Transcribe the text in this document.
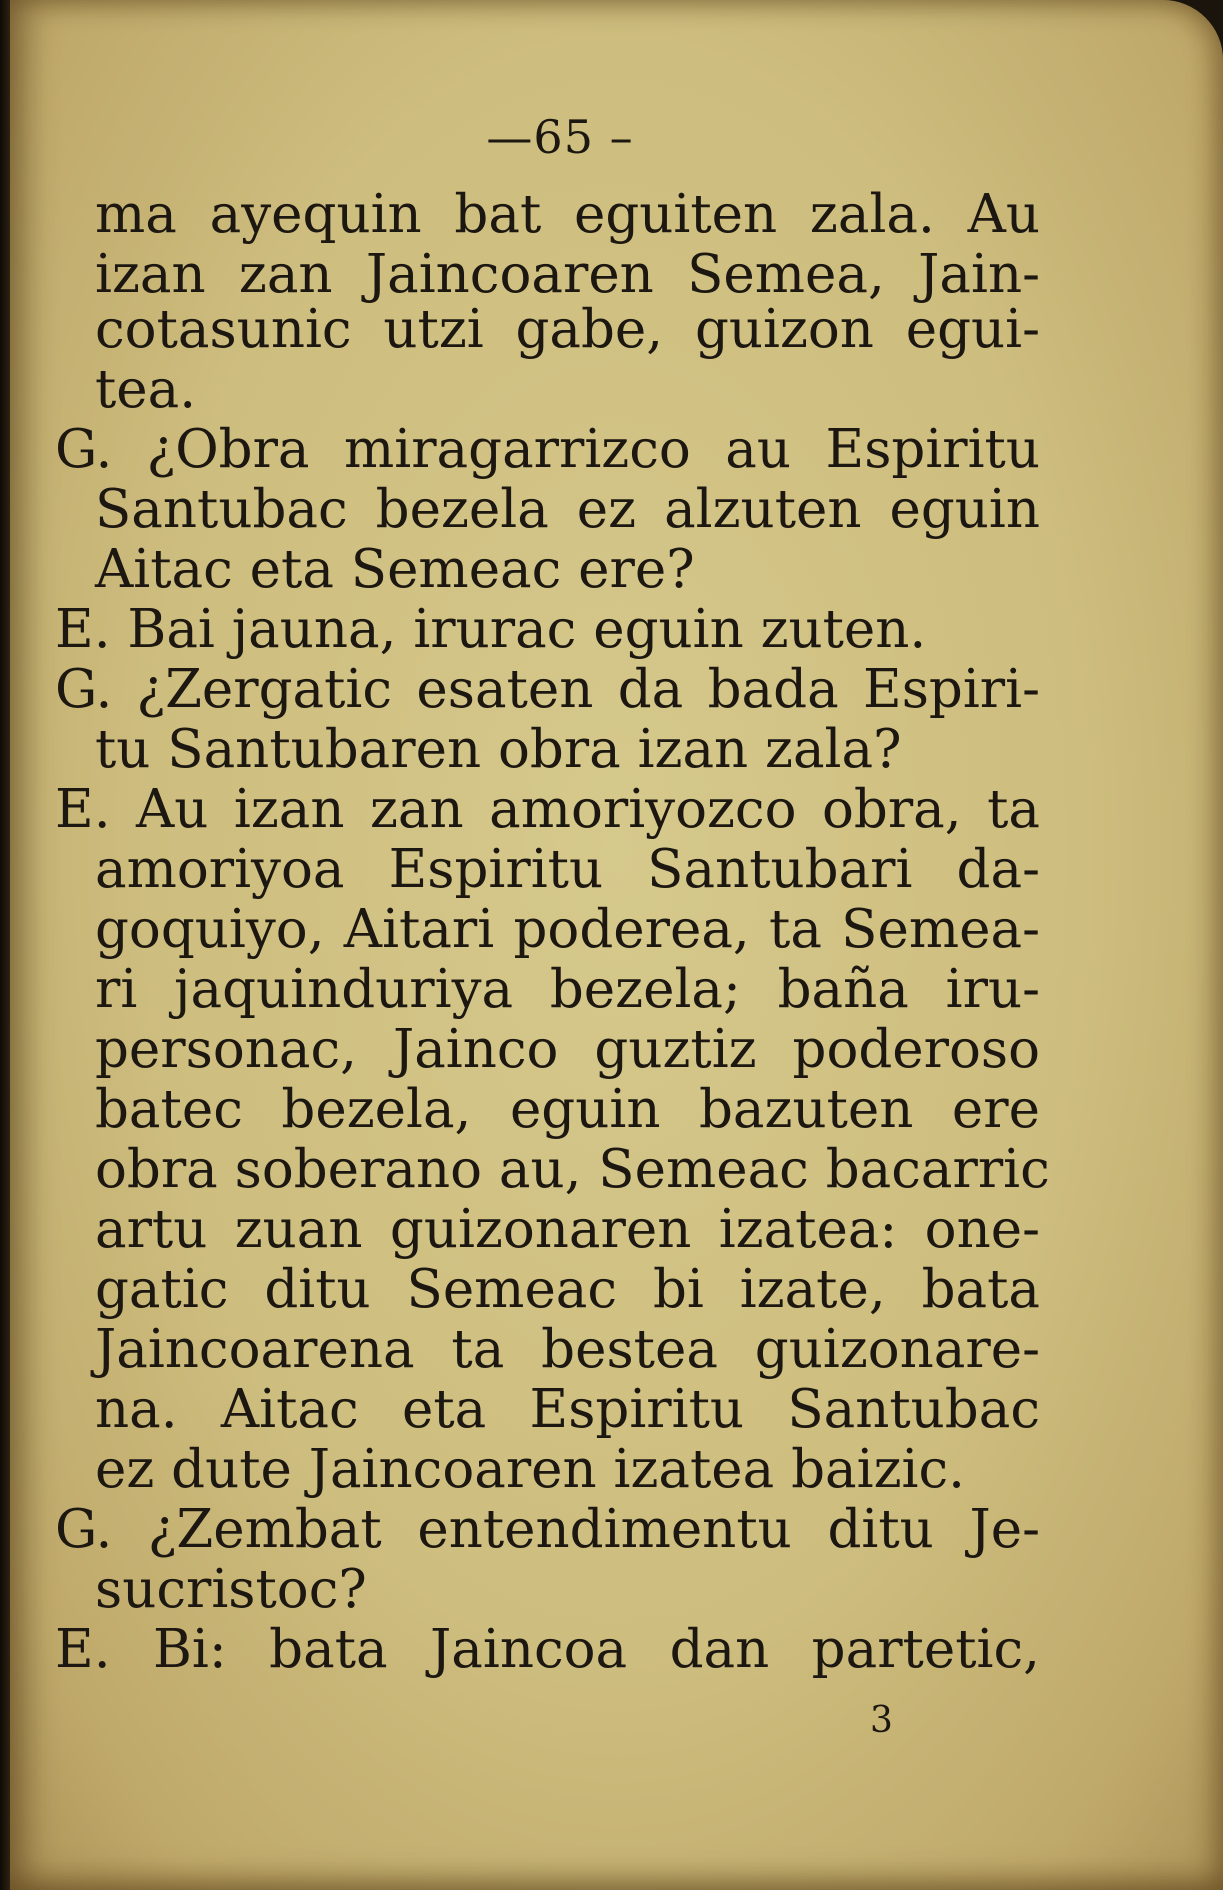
—65 –
ma ayequin bat eguiten zala. Au
izan zan Jaincoaren Semea, Jain-
cotasunic utzi gabe, guizon egui-
tea.
G. ¿Obra miragarrizco au Espiritu
Santubac bezela ez alzuten eguin
Aitac eta Semeac ere?
E. Bai jauna, irurac eguin zuten.
G. ¿Zergatic esaten da bada Espiri-
tu Santubaren obra izan zala?
E. Au izan zan amoriyozco obra, ta
amoriyoa Espiritu Santubari da-
goquiyo, Aitari poderea, ta Semea-
ri jaquinduriya bezela; baña iru-
personac, Jainco guztiz poderoso
batec bezela, eguin bazuten ere
obra soberano au, Semeac bacarric
artu zuan guizonaren izatea: one-
gatic ditu Semeac bi izate, bata
Jaincoarena ta bestea guizonare-
na. Aitac eta Espiritu Santubac
ez dute Jaincoaren izatea baizic.
G. ¿Zembat entendimentu ditu Je-
sucristoc?
E. Bi: bata Jaincoa dan partetic,
3
